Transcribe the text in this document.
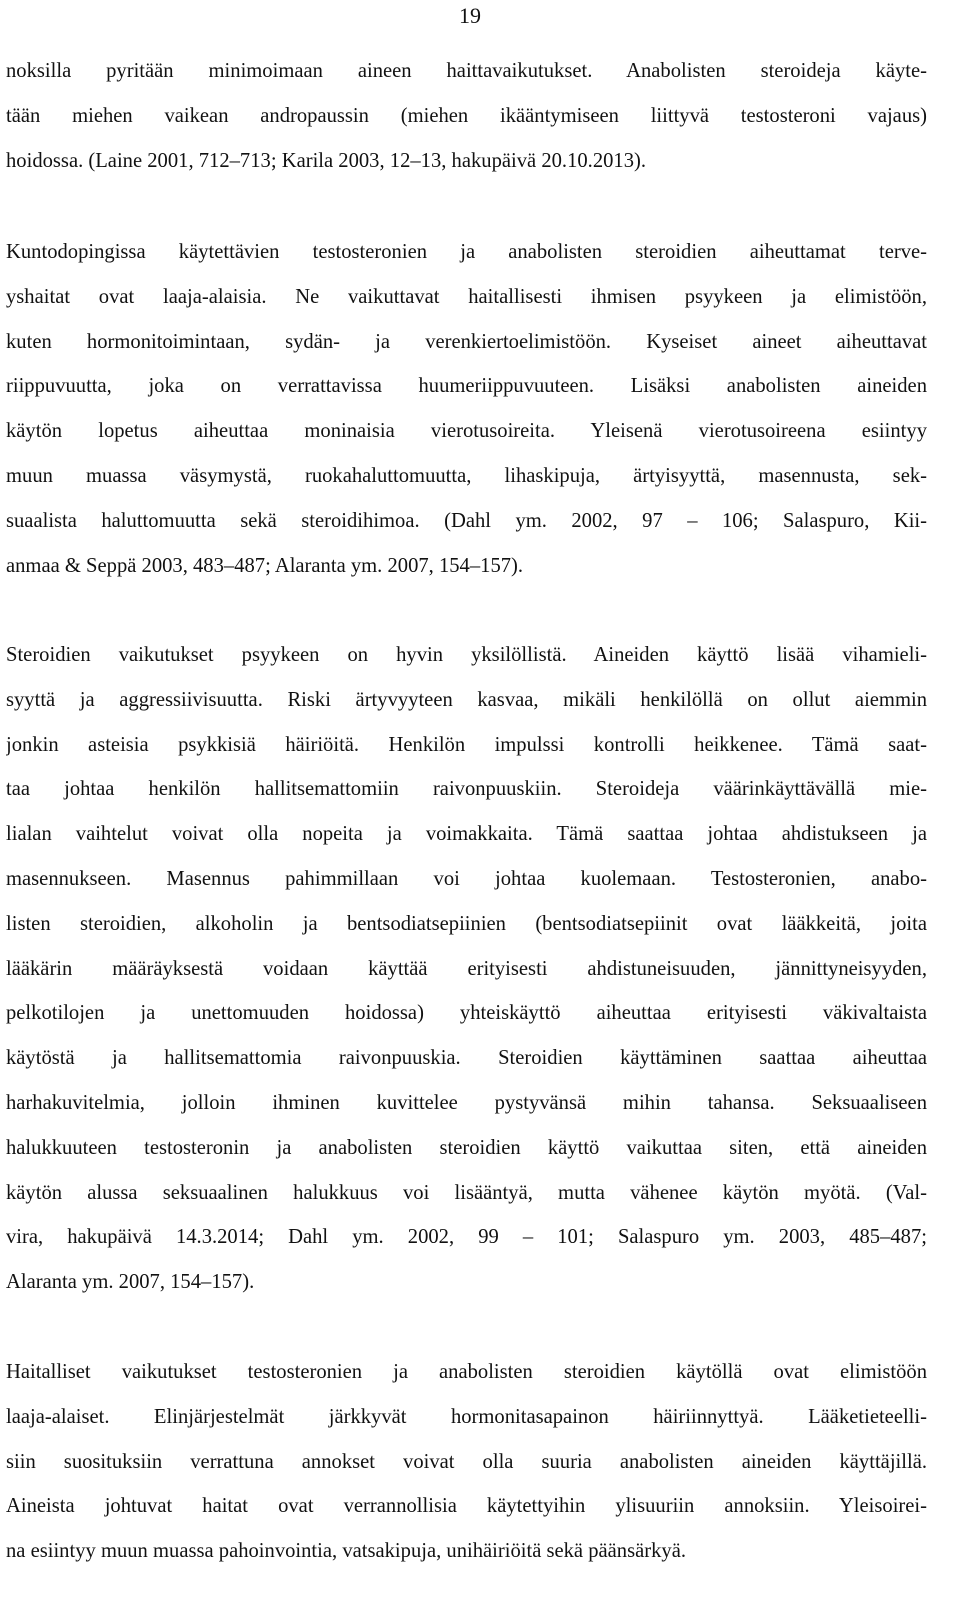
19
noksilla pyritään minimoimaan aineen haittavaikutukset. Anabolisten steroideja käyte-
tään miehen vaikean andropaussin (miehen ikääntymiseen liittyvä testosteroni vajaus)
hoidossa. (Laine 2001, 712–713; Karila 2003, 12–13, hakupäivä 20.10.2013).
Kuntodopingissa käytettävien testosteronien ja anabolisten steroidien aiheuttamat terve-
yshaitat ovat laaja-alaisia. Ne vaikuttavat haitallisesti ihmisen psyykeen ja elimistöön,
kuten hormonitoimintaan, sydän- ja verenkiertoelimistöön. Kyseiset aineet aiheuttavat
riippuvuutta, joka on verrattavissa huumeriippuvuuteen. Lisäksi anabolisten aineiden
käytön lopetus aiheuttaa moninaisia vierotusoireita. Yleisenä vierotusoireena esiintyy
muun muassa väsymystä, ruokahaluttomuutta, lihaskipuja, ärtyisyyttä, masennusta, sek-
suaalista haluttomuutta sekä steroidihimoa. (Dahl ym. 2002, 97 – 106; Salaspuro, Kii-
anmaa & Seppä 2003, 483–487; Alaranta ym. 2007, 154–157).
Steroidien vaikutukset psyykeen on hyvin yksilöllistä. Aineiden käyttö lisää vihamieli-
syyttä ja aggressiivisuutta. Riski ärtyvyyteen kasvaa, mikäli henkilöllä on ollut aiemmin
jonkin asteisia psykkisiä häiriöitä. Henkilön impulssi kontrolli heikkenee. Tämä saat-
taa johtaa henkilön hallitsemattomiin raivonpuuskiin. Steroideja väärinkäyttävällä mie-
lialan vaihtelut voivat olla nopeita ja voimakkaita. Tämä saattaa johtaa ahdistukseen ja
masennukseen. Masennus pahimmillaan voi johtaa kuolemaan. Testosteronien, anabo-
listen steroidien, alkoholin ja bentsodiatsepiinien (bentsodiatsepiinit ovat lääkkeitä, joita
lääkärin määräyksestä voidaan käyttää erityisesti ahdistuneisuuden, jännittyneisyyden,
pelkotilojen ja unettomuuden hoidossa) yhteiskäyttö aiheuttaa erityisesti väkivaltaista
käytöstä ja hallitsemattomia raivonpuuskia. Steroidien käyttäminen saattaa aiheuttaa
harhakuvitelmia, jolloin ihminen kuvittelee pystyvänsä mihin tahansa. Seksuaaliseen
halukkuuteen testosteronin ja anabolisten steroidien käyttö vaikuttaa siten, että aineiden
käytön alussa seksuaalinen halukkuus voi lisääntyä, mutta vähenee käytön myötä. (Val-
vira, hakupäivä 14.3.2014; Dahl ym. 2002, 99 – 101; Salaspuro ym. 2003, 485–487;
Alaranta ym. 2007, 154–157).
Haitalliset vaikutukset testosteronien ja anabolisten steroidien käytöllä ovat elimistöön
laaja-alaiset. Elinjärjestelmät järkkyvät hormonitasapainon häiriinnyttyä. Lääketieteelli-
siin suosituksiin verrattuna annokset voivat olla suuria anabolisten aineiden käyttäjillä.
Aineista johtuvat haitat ovat verrannollisia käytettyihin ylisuuriin annoksiin. Yleisoirei-
na esiintyy muun muassa pahoinvointia, vatsakipuja, unihäiriöitä sekä päänsärkyä.
